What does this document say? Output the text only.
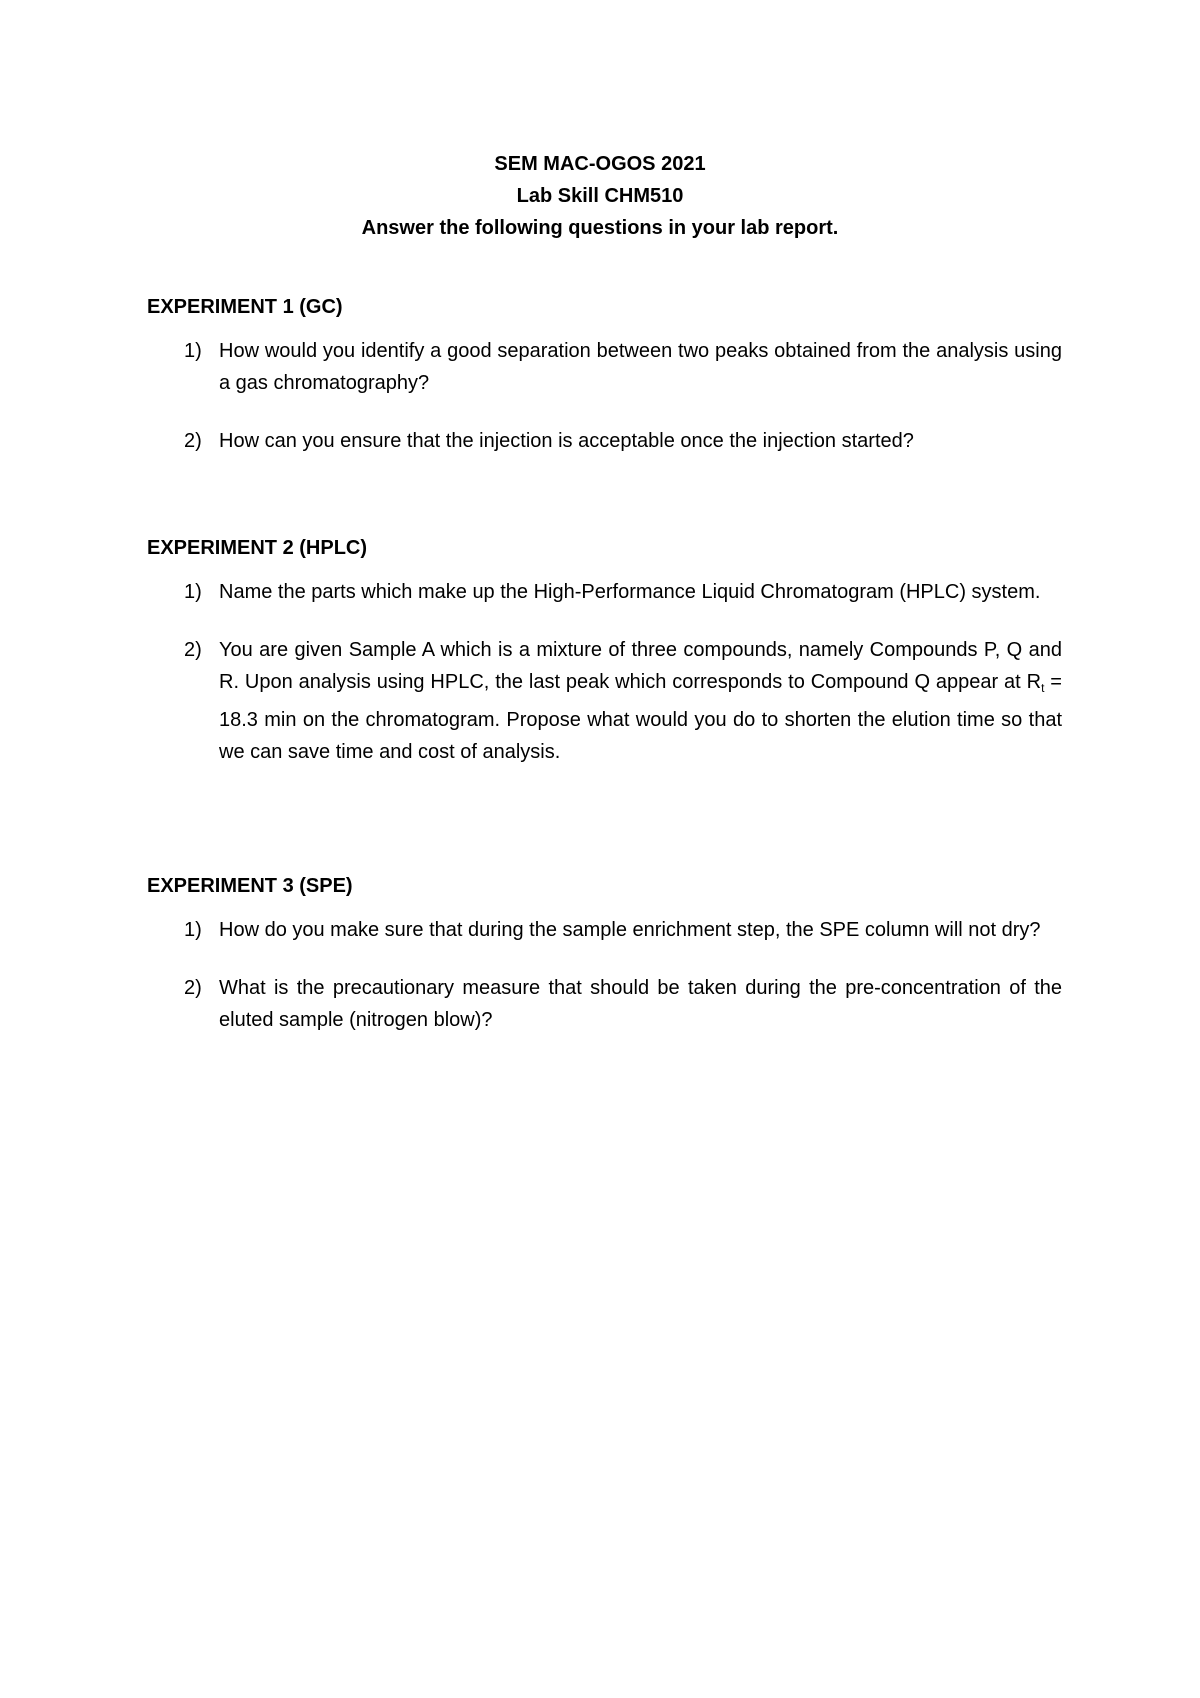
SEM MAC-OGOS 2021
Lab Skill CHM510
Answer the following questions in your lab report.
EXPERIMENT 1 (GC)
1) How would you identify a good separation between two peaks obtained from the analysis using a gas chromatography?
2) How can you ensure that the injection is acceptable once the injection started?
EXPERIMENT 2 (HPLC)
1) Name the parts which make up the High-Performance Liquid Chromatogram (HPLC) system.
2) You are given Sample A which is a mixture of three compounds, namely Compounds P, Q and R. Upon analysis using HPLC, the last peak which corresponds to Compound Q appear at $R_t = 18.3$ min on the chromatogram. Propose what would you do to shorten the elution time so that we can save time and cost of analysis.
EXPERIMENT 3 (SPE)
1) How do you make sure that during the sample enrichment step, the SPE column will not dry?
2) What is the precautionary measure that should be taken during the pre-concentration of the eluted sample (nitrogen blow)?
